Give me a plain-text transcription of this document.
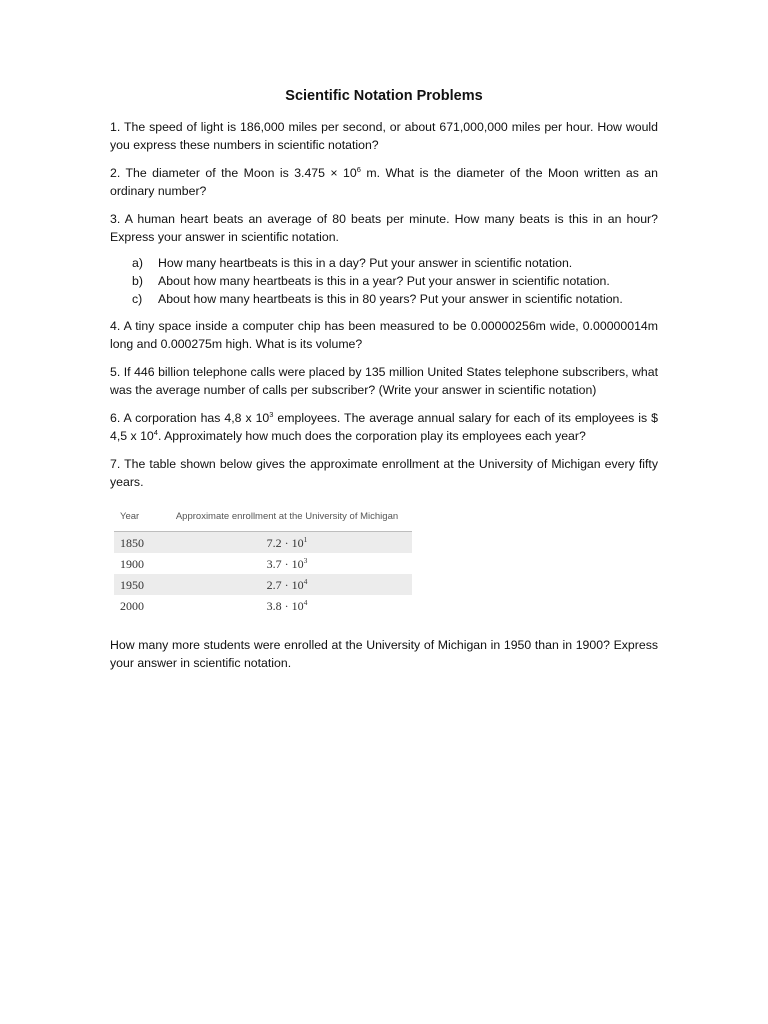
Scientific Notation Problems

1. The speed of light is 186,000 miles per second, or about 671,000,000 miles per hour. How would you express these numbers in scientific notation?

2. The diameter of the Moon is $3.475 \times 10^6$ m. What is the diameter of the Moon written as an ordinary number?

3. A human heart beats an average of 80 beats per minute. How many beats is this in an hour? Express your answer in scientific notation.

a)	How many heartbeats is this in a day? Put your answer in scientific notation.
b)	About how many heartbeats is this in a year? Put your answer in scientific notation.
c)	About how many heartbeats is this in 80 years? Put your answer in scientific notation.

4. A tiny space inside a computer chip has been measured to be 0.00000256m wide, 0.00000014m long and 0.000275m high. What is its volume?

5. If 446 billion telephone calls were placed by 135 million United States telephone subscribers, what was the average number of calls per subscriber? (Write your answer in scientific notation)

6. A corporation has 4,8 x $10^3$ employees. The average annual salary for each of its employees is $ 4,5 x $10^4$. Approximately how much does the corporation play its employees each year?

7. The table shown below gives the approximate enrollment at the University of Michigan every fifty years.

Year	Approximate enrollment at the University of Michigan
1850	$7.2 \cdot 10^1$
1900	$3.7 \cdot 10^3$
1950	$2.7 \cdot 10^4$
2000	$3.8 \cdot 10^4$

How many more students were enrolled at the University of Michigan in 1950 than in 1900? Express your answer in scientific notation.
